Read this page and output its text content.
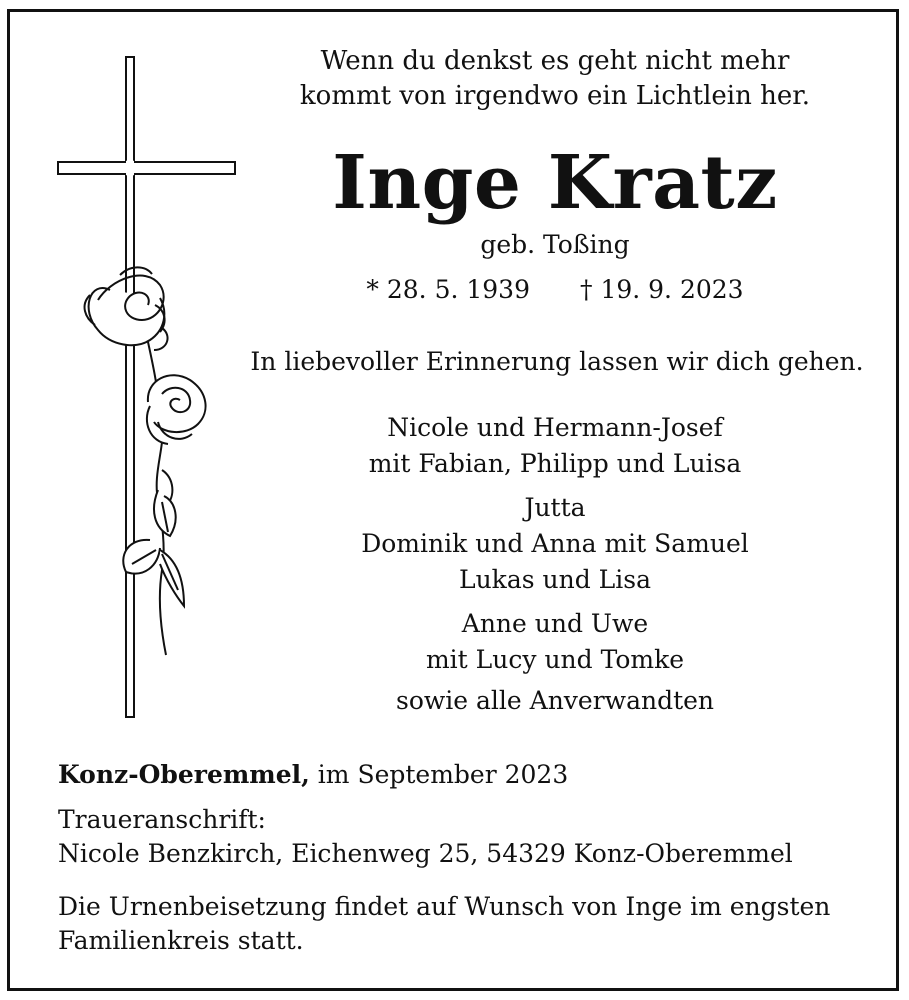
Wenn du denkst es geht nicht mehr
kommt von irgendwo ein Lichtlein her.
Inge Kratz
geb. Toßing
* 28. 5. 1939 † 19. 9. 2023
In liebevoller Erinnerung lassen wir dich gehen.
Nicole und Hermann-Josef
mit Fabian, Philipp und Luisa
Jutta
Dominik und Anna mit Samuel
Lukas und Lisa
Anne und Uwe
mit Lucy und Tomke
sowie alle Anverwandten
Konz-Oberemmel, im September 2023
Traueranschrift:
Nicole Benzkirch, Eichenweg 25, 54329 Konz-Oberemmel
Die Urnenbeisetzung findet auf Wunsch von Inge im engsten
Familienkreis statt.
